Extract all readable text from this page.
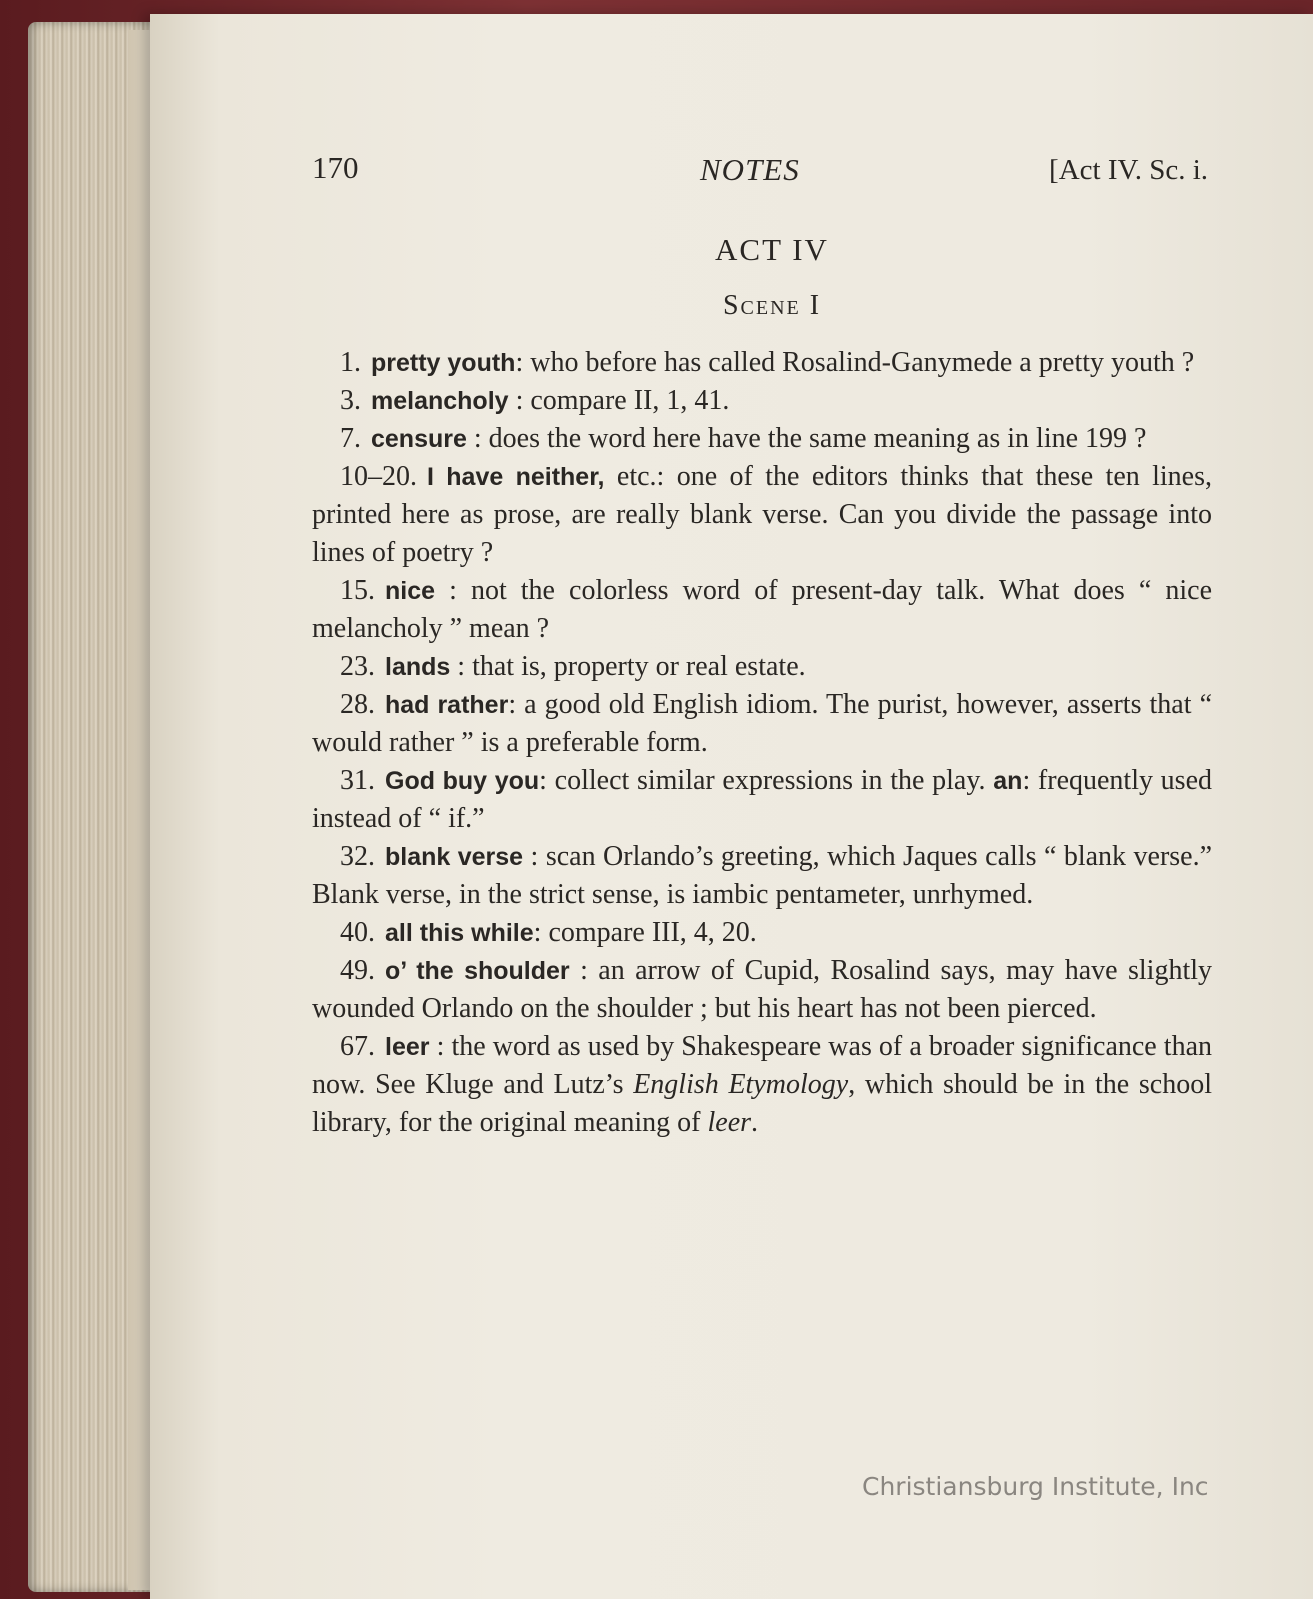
170	NOTES	[Act IV. Sc. i.
ACT IV
Scene I

1. pretty youth: who before has called Rosalind-Ganymede a pretty youth ?

3. melancholy : compare II, 1, 41.

7. censure : does the word here have the same meaning as in line 199 ?

10–20. I have neither, etc.: one of the editors thinks that these ten lines, printed here as prose, are really blank verse. Can you divide the passage into lines of poetry ?

15. nice : not the colorless word of present-day talk. What does “ nice melancholy ” mean ?

23. lands : that is, property or real estate.

28. had rather: a good old English idiom. The purist, however, asserts that “ would rather ” is a preferable form.

31. God buy you: collect similar expressions in the play. an: frequently used instead of “ if.”

32. blank verse : scan Orlando’s greeting, which Jaques calls “ blank verse.” Blank verse, in the strict sense, is iambic pentameter, unrhymed.

40. all this while: compare III, 4, 20.

49. o’ the shoulder : an arrow of Cupid, Rosalind says, may have slightly wounded Orlando on the shoulder ; but his heart has not been pierced.

67. leer : the word as used by Shakespeare was of a broader significance than now. See Kluge and Lutz’s English Etymology, which should be in the school library, for the original meaning of leer.

Christiansburg Institute, Inc
